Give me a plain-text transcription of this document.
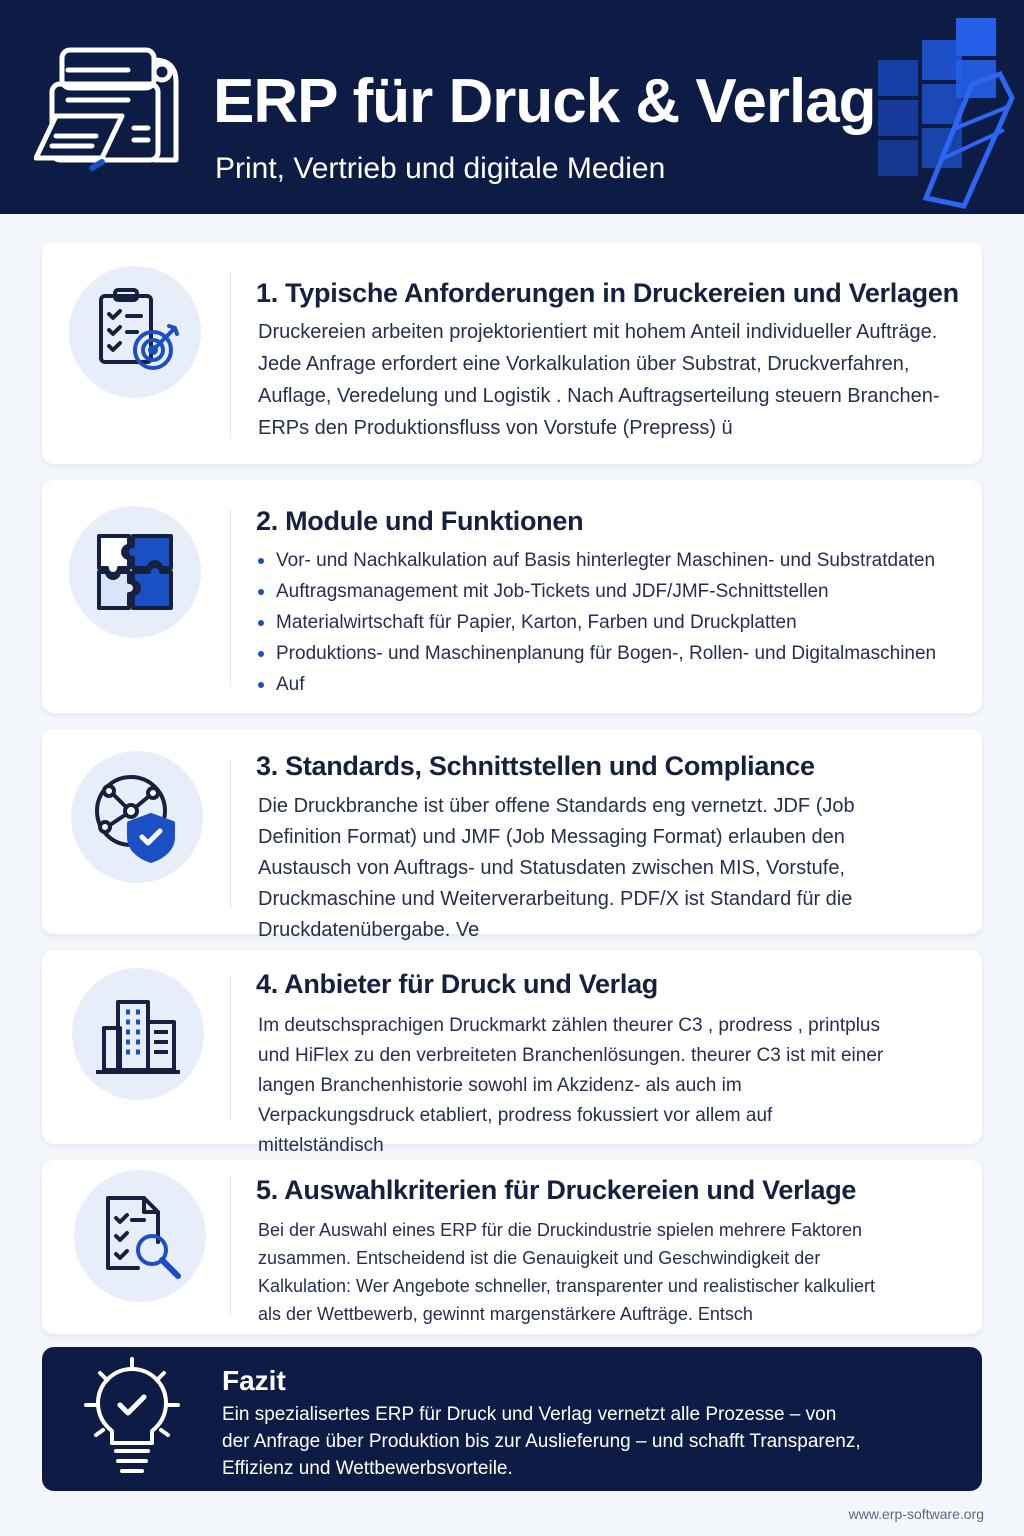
ERP für Druck & Verlag
Print, Vertrieb und digitale Medien
1. Typische Anforderungen in Druckereien und Verlagen
Druckereien arbeiten projektorientiert mit hohem Anteil individueller Aufträge. Jede Anfrage erfordert eine Vorkalkulation über Substrat, Druckverfahren, Auflage, Veredelung und Logistik . Nach Auftragserteilung steuern Branchen-ERPs den Produktionsfluss von Vorstufe (Prepress) ü
2. Module und Funktionen
Vor- und Nachkalkulation auf Basis hinterlegter Maschinen- und Substratdaten
Auftragsmanagement mit Job-Tickets und JDF/JMF-Schnittstellen
Materialwirtschaft für Papier, Karton, Farben und Druckplatten
Produktions- und Maschinenplanung für Bogen-, Rollen- und Digitalmaschinen
Auf
3. Standards, Schnittstellen und Compliance
Die Druckbranche ist über offene Standards eng vernetzt. JDF (Job Definition Format) und JMF (Job Messaging Format) erlauben den Austausch von Auftrags- und Statusdaten zwischen MIS, Vorstufe, Druckmaschine und Weiterverarbeitung. PDF/X ist Standard für die Druckdatenübergabe. Ve
4. Anbieter für Druck und Verlag
Im deutschsprachigen Druckmarkt zählen theurer C3 , prodress , printplus und HiFlex zu den verbreiteten Branchenlösungen. theurer C3 ist mit einer langen Branchenhistorie sowohl im Akzidenz- als auch im Verpackungsdruck etabliert, prodress fokussiert vor allem auf mittelständisch
5. Auswahlkriterien für Druckereien und Verlage
Bei der Auswahl eines ERP für die Druckindustrie spielen mehrere Faktoren zusammen. Entscheidend ist die Genauigkeit und Geschwindigkeit der Kalkulation: Wer Angebote schneller, transparenter und realistischer kalkuliert als der Wettbewerb, gewinnt margenstärkere Aufträge. Entsch
Fazit
Ein spezialisertes ERP für Druck und Verlag vernetzt alle Prozesse – von der Anfrage über Produktion bis zur Auslieferung – und schafft Transparenz, Effizienz und Wettbewerbsvorteile.
www.erp-software.org
